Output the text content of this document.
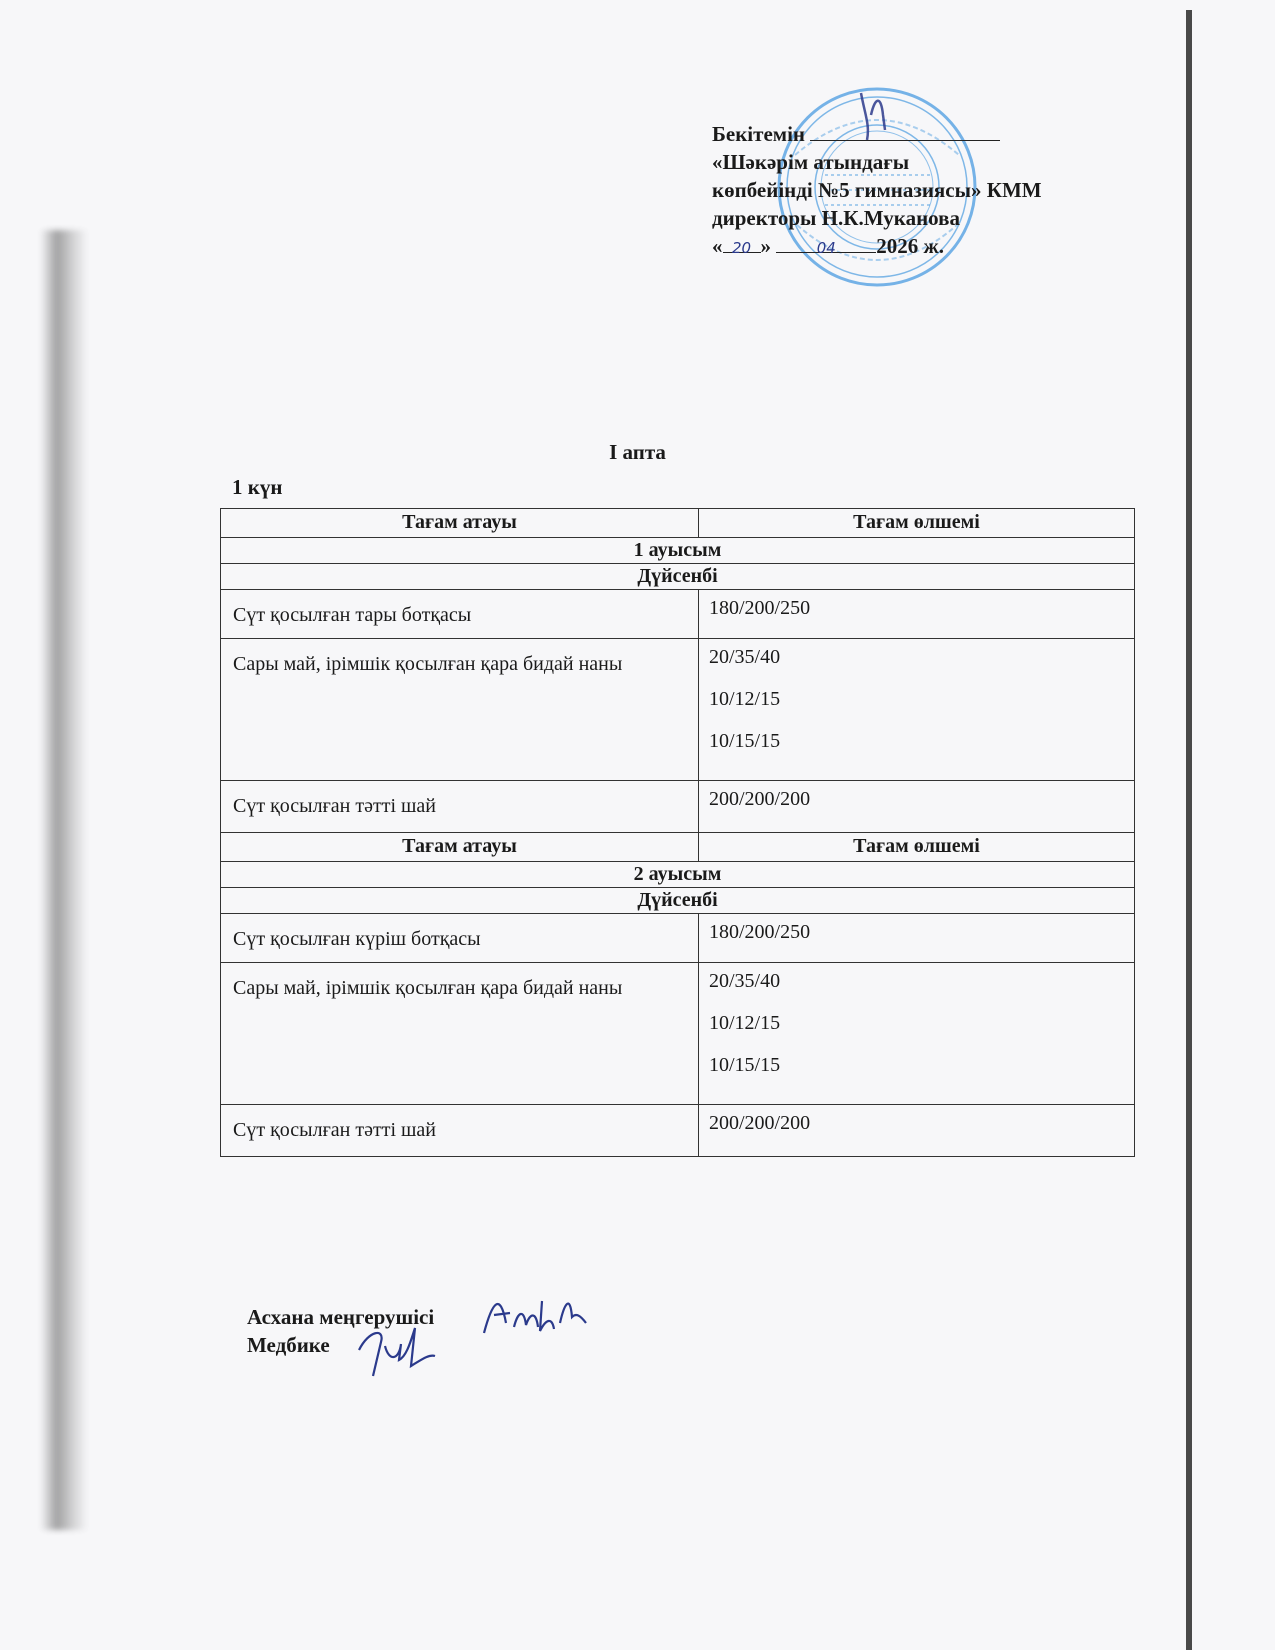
Бекітемін
«Шәкәрім атындағы
көпбейінді №5 гимназиясы» КММ
директоры Н.К.Муканова
« 20 »	04 2026 ж.
I апта
1 күн
Тағам атауы	Тағам өлшемі
1 ауысым	
Дүйсенбі	
Сүт қосылған тары ботқасы	180/200/250

Сары май, ірімшік қосылған қара бидай наны	20/35/40
10/12/15
10/15/15

Сүт қосылған тәтті шай	200/200/200

Тағам атауы	Тағам өлшемі
2 ауысым	
Дүйсенбі	
Сүт қосылған күріш ботқасы	180/200/250

Сары май, ірімшік қосылған қара бидай наны	20/35/40
10/12/15
10/15/15

Сүт қосылған тәтті шай	200/200/200
Асхана меңгерушісі
Медбике
